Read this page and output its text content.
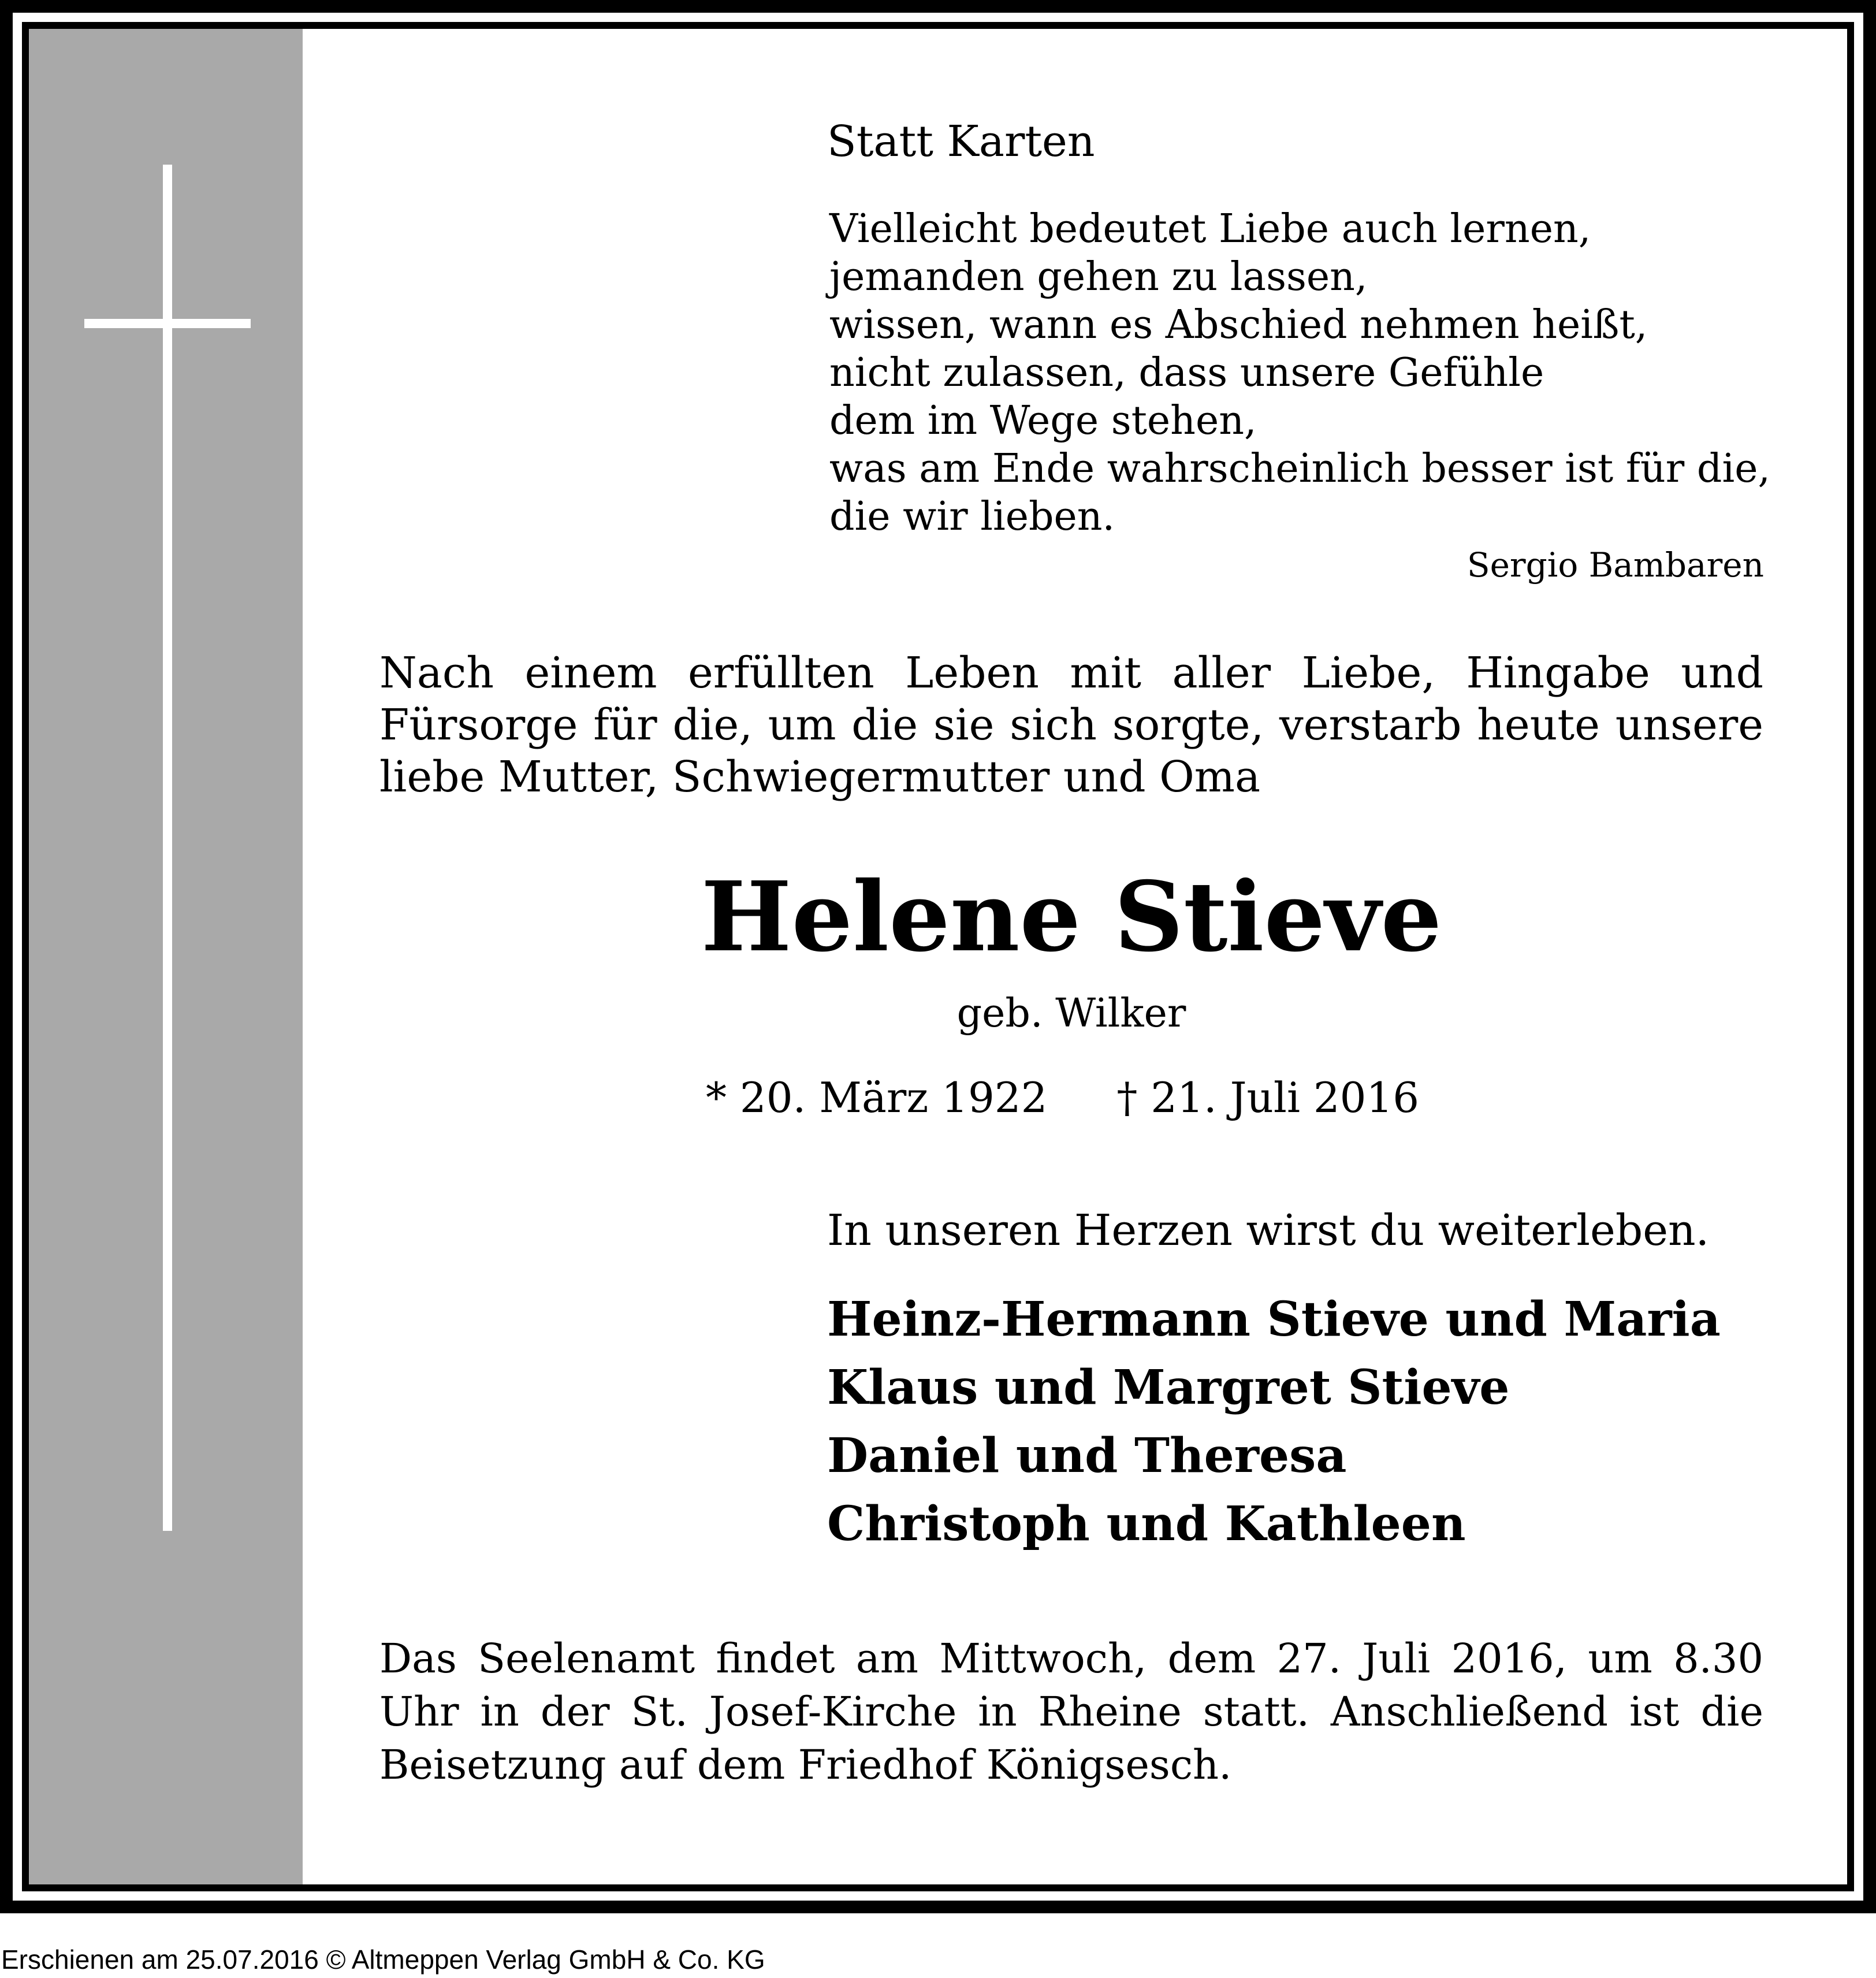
Statt Karten
Vielleicht bedeutet Liebe auch lernen,
jemanden gehen zu lassen,
wissen, wann es Abschied nehmen heißt,
nicht zulassen, dass unsere Gefühle
dem im Wege stehen,
was am Ende wahrscheinlich besser ist für die,
die wir lieben.
Sergio Bambaren
Nach einem erfüllten Leben mit aller Liebe, Hingabe und Fürsorge für die, um die sie sich sorgte, verstarb heute unsere liebe Mutter, Schwiegermutter und Oma
Helene Stieve
geb. Wilker
* 20. März 1922 † 21. Juli 2016
In unseren Herzen wirst du weiterleben.
Heinz-Hermann Stieve und Maria
Klaus und Margret Stieve
Daniel und Theresa
Christoph und Kathleen
Das Seelenamt findet am Mittwoch, dem 27. Juli 2016, um 8.30 Uhr in der St. Josef-Kirche in Rheine statt. Anschließend ist die Beisetzung auf dem Friedhof Königsesch.
Erschienen am 25.07.2016 © Altmeppen Verlag GmbH & Co. KG
